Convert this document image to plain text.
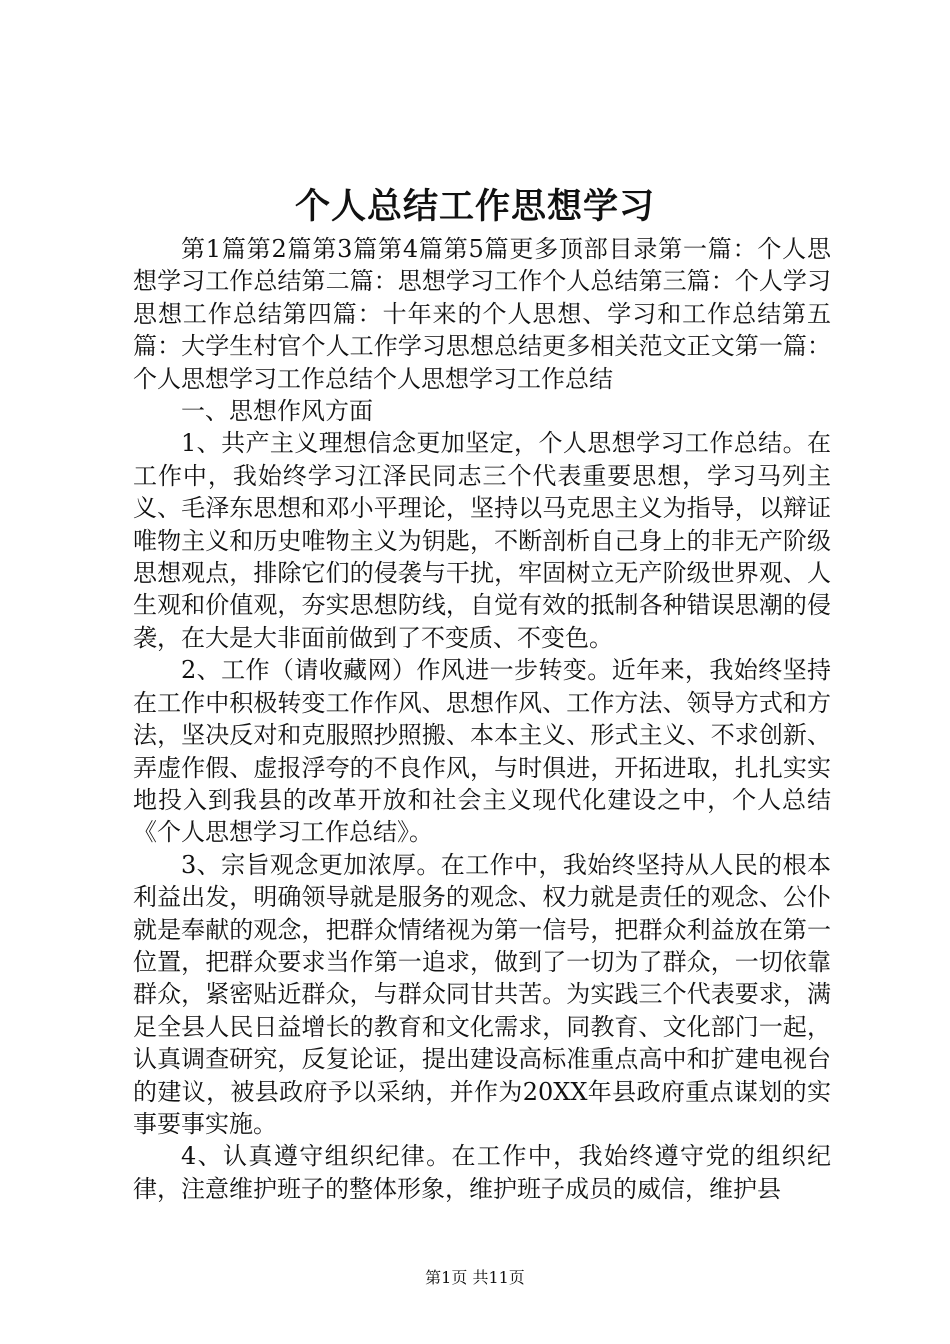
个人总结工作思想学习

第1篇第2篇第3篇第4篇第5篇更多顶部目录第一篇：个人思想学习工作总结第二篇：思想学习工作个人总结第三篇：个人学习思想工作总结第四篇：十年来的个人思想、学习和工作总结第五篇：大学生村官个人工作学习思想总结更多相关范文正文第一篇：个人思想学习工作总结个人思想学习工作总结

一、思想作风方面

1、共产主义理想信念更加坚定，个人思想学习工作总结。在工作中，我始终学习江泽民同志三个代表重要思想，学习马列主义、毛泽东思想和邓小平理论，坚持以马克思主义为指导，以辩证唯物主义和历史唯物主义为钥匙，不断剖析自己身上的非无产阶级思想观点，排除它们的侵袭与干扰，牢固树立无产阶级世界观、人生观和价值观，夯实思想防线，自觉有效的抵制各种错误思潮的侵袭，在大是大非面前做到了不变质、不变色。

2、工作（请收藏网）作风进一步转变。近年来，我始终坚持在工作中积极转变工作作风、思想作风、工作方法、领导方式和方法，坚决反对和克服照抄照搬、本本主义、形式主义、不求创新、弄虚作假、虚报浮夸的不良作风，与时俱进，开拓进取，扎扎实实地投入到我县的改革开放和社会主义现代化建设之中，个人总结《个人思想学习工作总结》。

3、宗旨观念更加浓厚。在工作中，我始终坚持从人民的根本利益出发，明确领导就是服务的观念、权力就是责任的观念、公仆就是奉献的观念，把群众情绪视为第一信号，把群众利益放在第一位置，把群众要求当作第一追求，做到了一切为了群众，一切依靠群众，紧密贴近群众，与群众同甘共苦。为实践三个代表要求，满足全县人民日益增长的教育和文化需求，同教育、文化部门一起，认真调查研究，反复论证，提出建设高标准重点高中和扩建电视台的建议，被县政府予以采纳，并作为20XX年县政府重点谋划的实事要事实施。

4、认真遵守组织纪律。在工作中，我始终遵守党的组织纪律，注意维护班子的整体形象，维护班子成员的威信，维护县

第1页 共11页
